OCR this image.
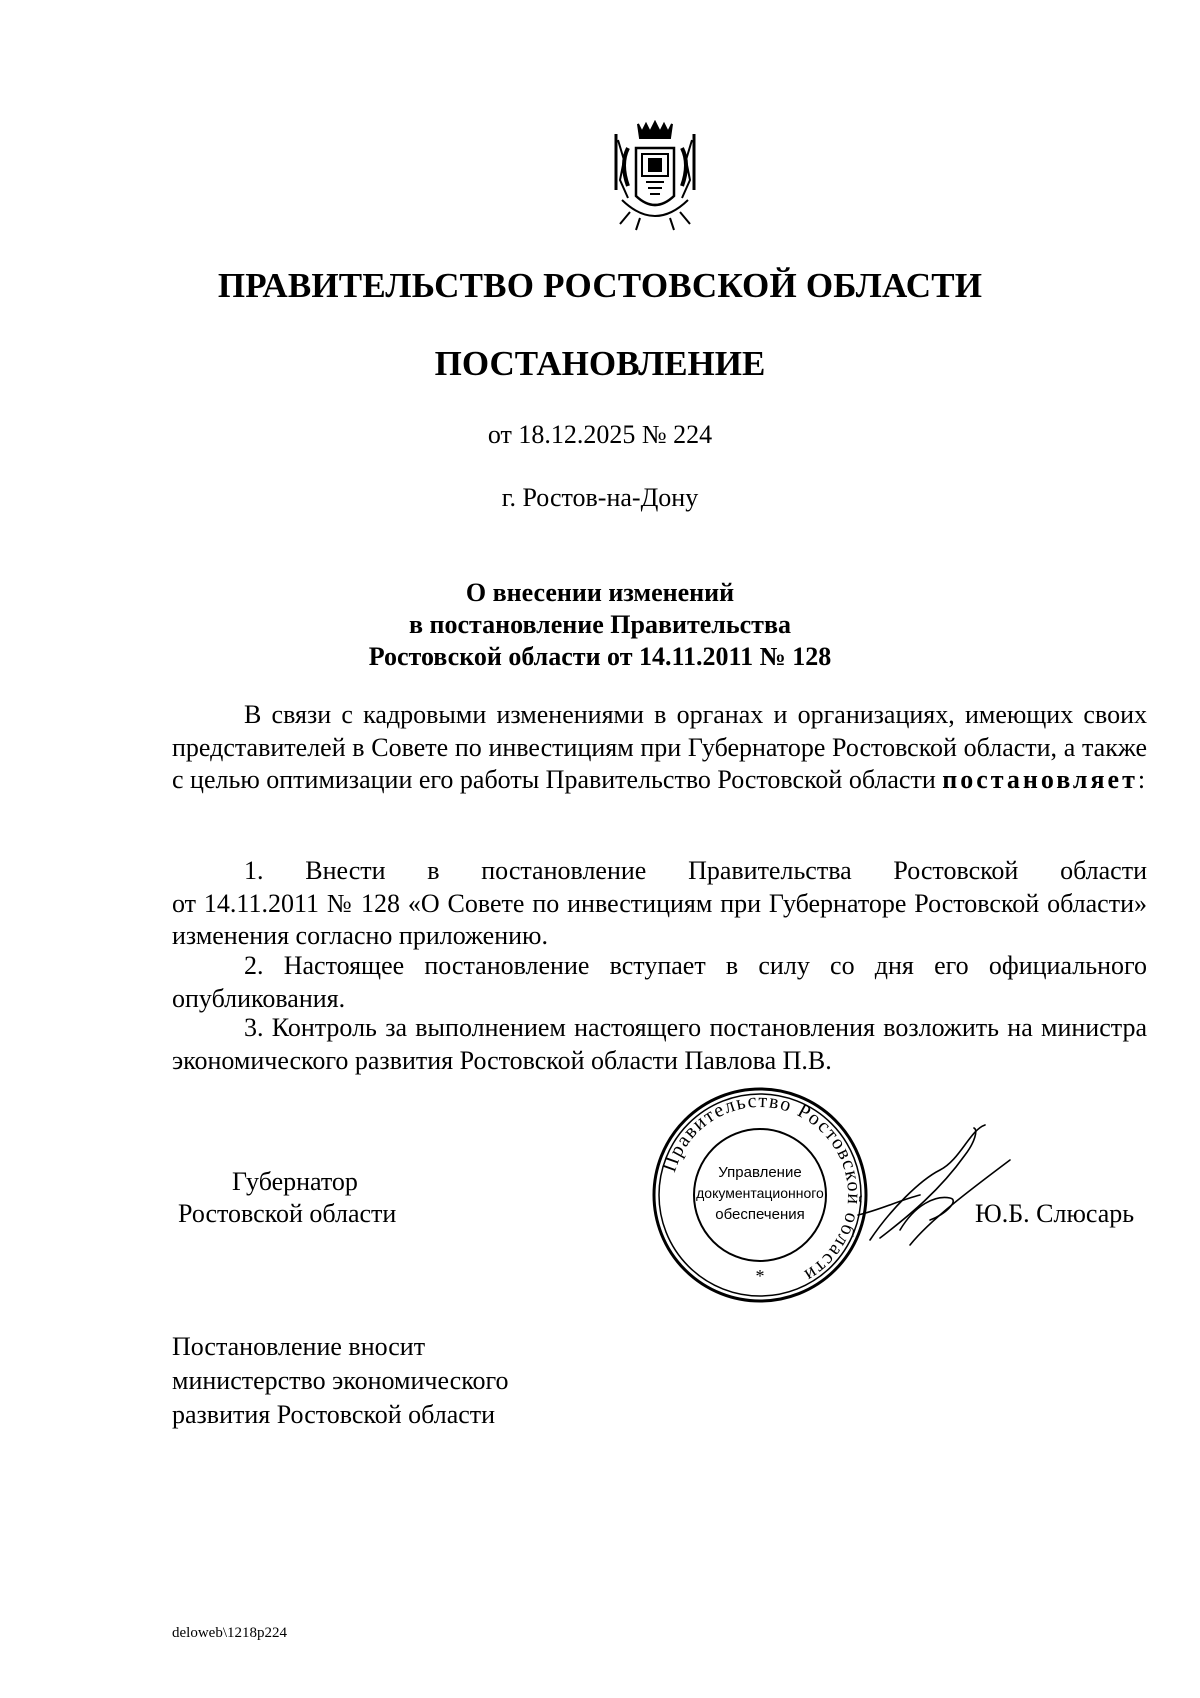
ПРАВИТЕЛЬСТВО РОСТОВСКОЙ ОБЛАСТИ
ПОСТАНОВЛЕНИЕ
от 18.12.2025 № 224
г. Ростов-на-Дону
О внесении изменений
в постановление Правительства
Ростовской области от 14.11.2011 № 128
В связи с кадровыми изменениями в органах и организациях, имеющих своих представителей в Совете по инвестициям при Губернаторе Ростовской области, а также с целью оптимизации его работы Правительство Ростовской области постановляет:
1. Внести в постановление Правительства Ростовской области
от 14.11.2011 № 128 «О Совете по инвестициям при Губернаторе Ростовской области» изменения согласно приложению.
2. Настоящее постановление вступает в силу со дня его официального опубликования.
3. Контроль за выполнением настоящего постановления возложить на министра экономического развития Ростовской области Павлова П.В.
Губернатор
Ростовской области	Ю.Б. Слюсарь
Правительство Ростовской области
Управление
документационного
обеспечения
*
Постановление вносит
министерство экономического
развития Ростовской области
deloweb\1218p224
